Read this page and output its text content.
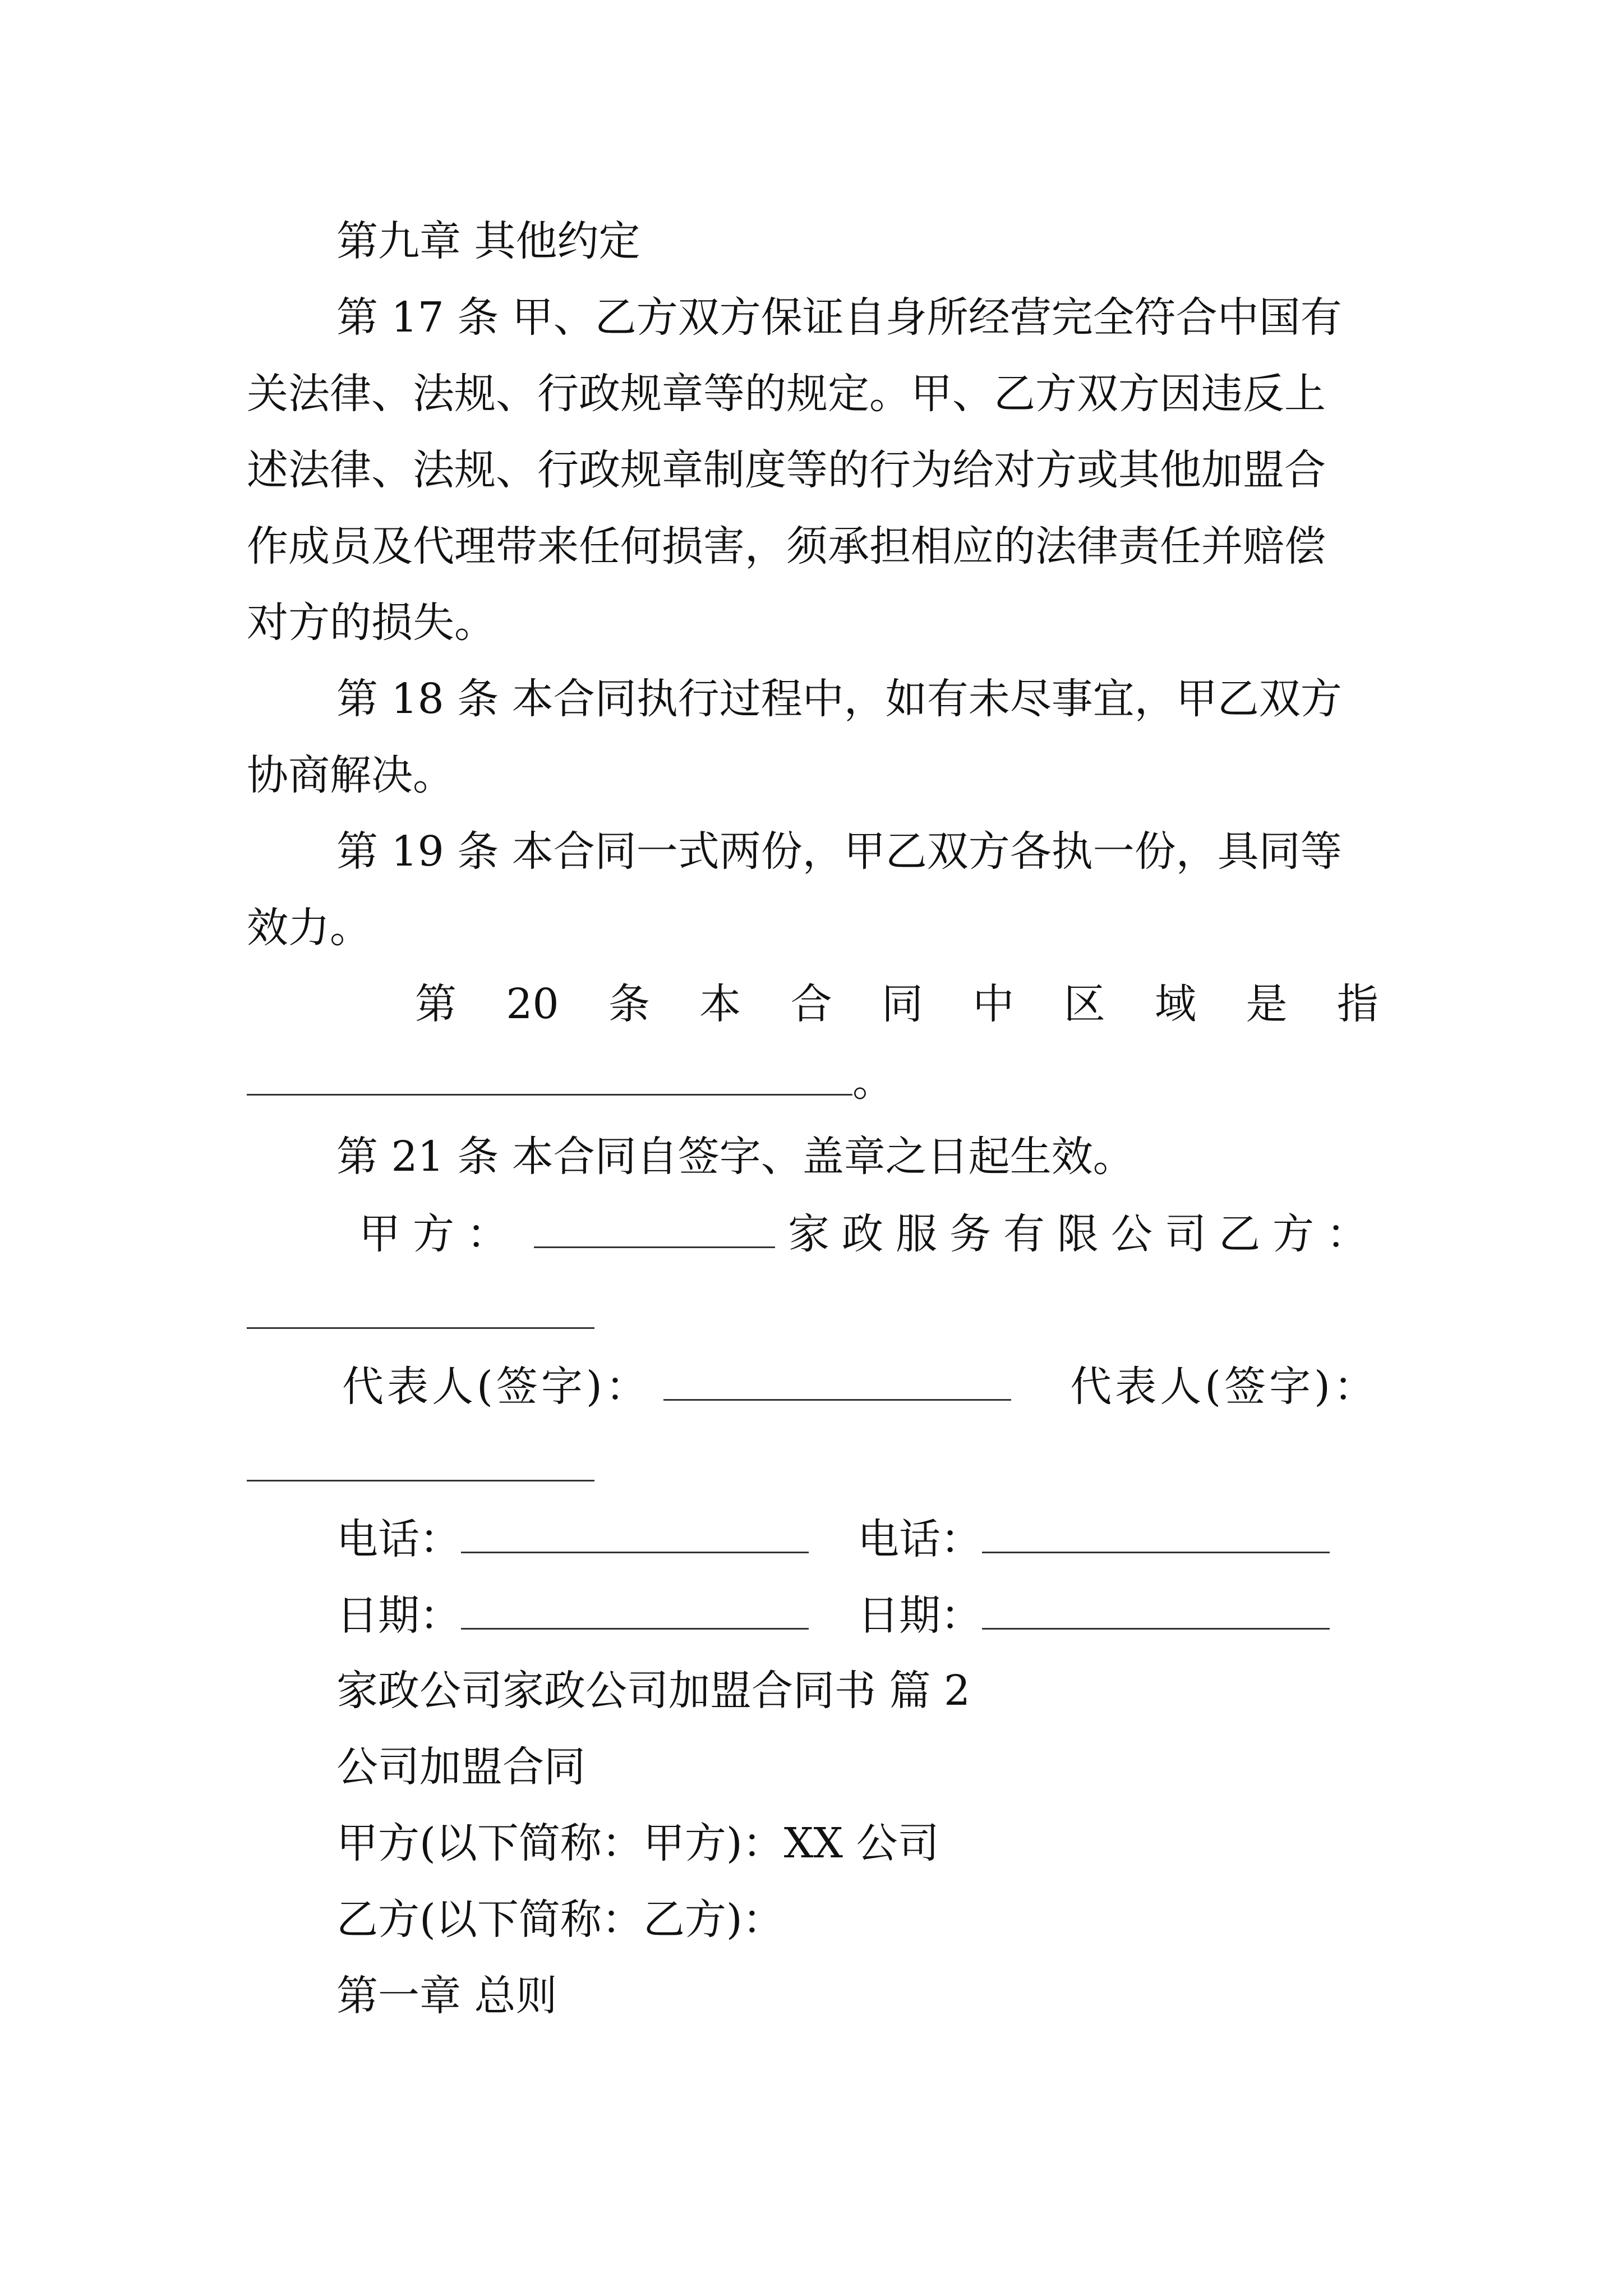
第九章 其他约定
第 17 条 甲、乙方双方保证自身所经营完全符合中国有
关法律、法规、行政规章等的规定。甲、乙方双方因违反上
述法律、法规、行政规章制度等的行为给对方或其他加盟合
作成员及代理带来任何损害，须承担相应的法律责任并赔偿
对方的损失。
第 18 条 本合同执行过程中，如有未尽事宜，甲乙双方
协商解决。
第 19 条 本合同一式两份，甲乙双方各执一份，具同等
效力。
第 20 条 本 合 同 中 区 域 是 指
。
第 21 条 本合同自签字、盖章之日起生效。
甲方：	家政服务有限公司 乙方：
代表人(签字)：	代表人(签字)：
电话：	电话：
日期：	日期：
家政公司家政公司加盟合同书 篇 2
公司加盟合同
甲方(以下简称：甲方)：XX 公司
乙方(以下简称：乙方)：
第一章 总则
